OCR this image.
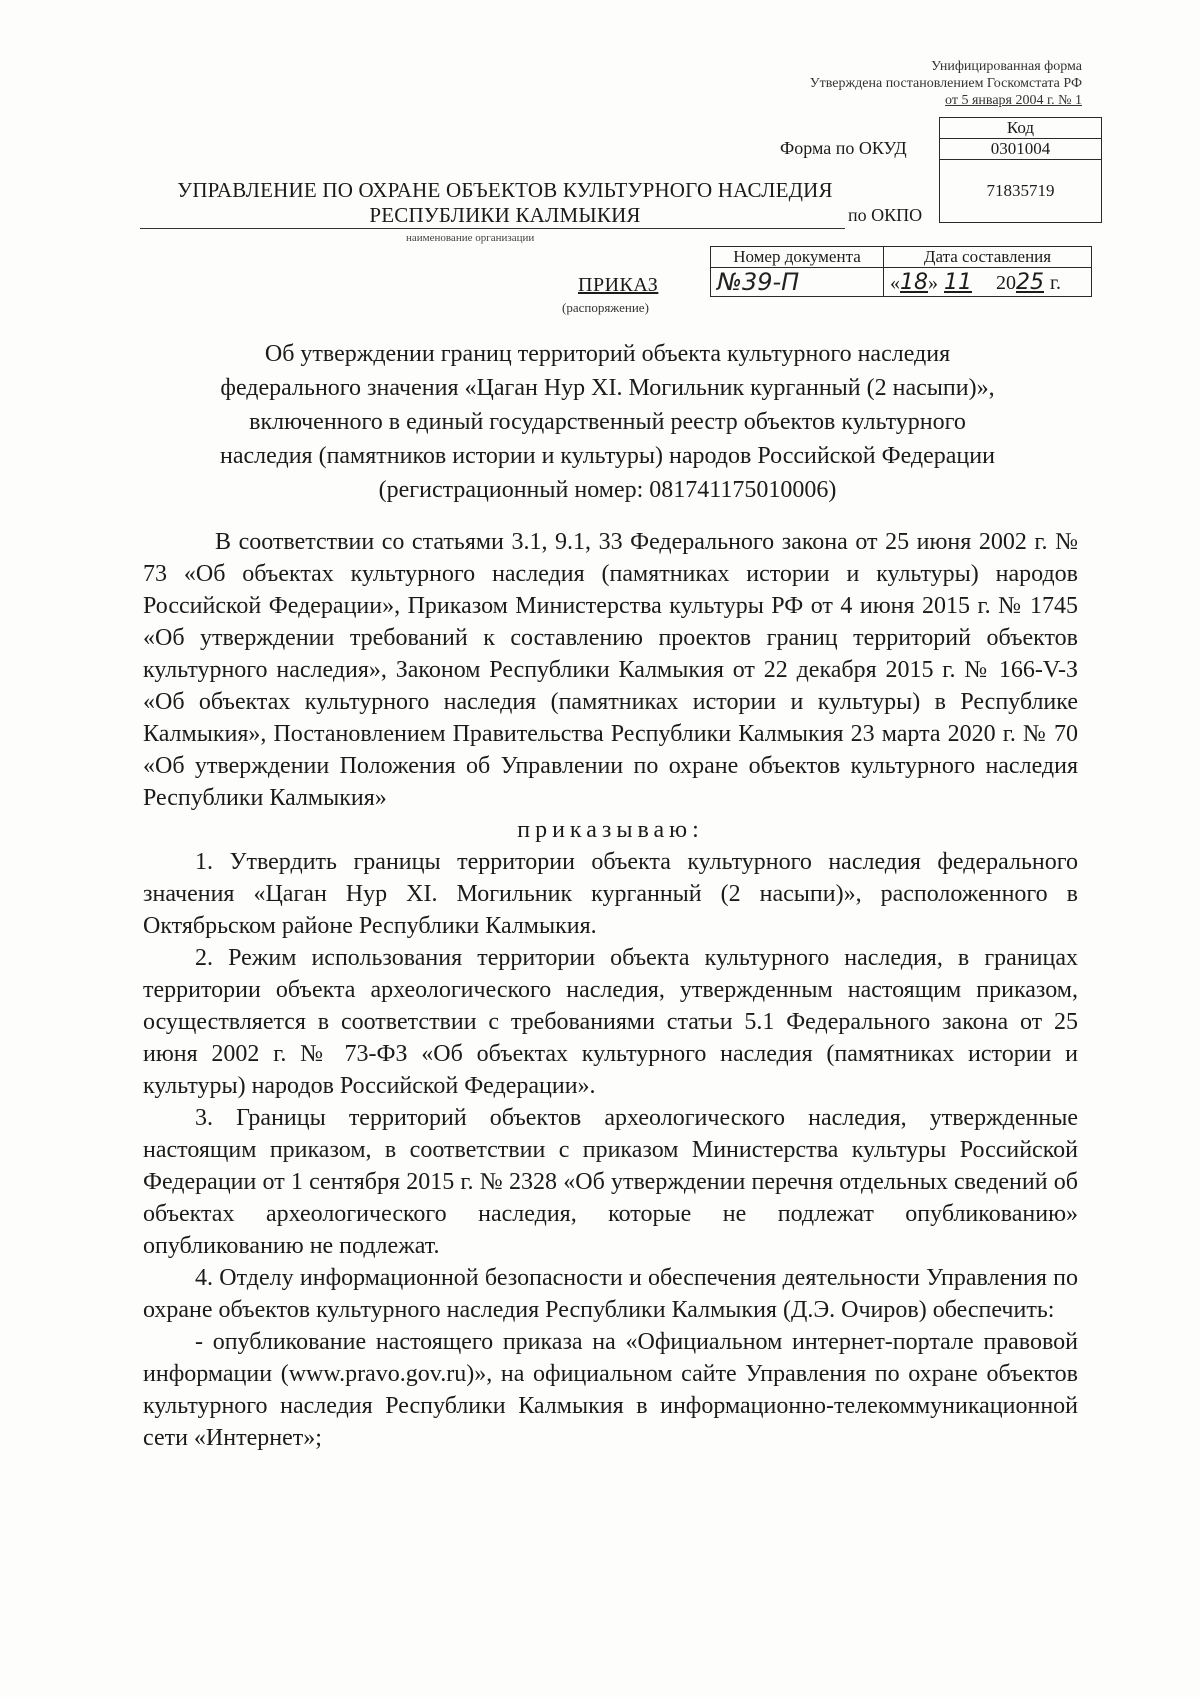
Унифицированная форма
Утверждена постановлением Госкомстата РФ
от 5 января 2004 г. № 1
Код
0301004
71835719
Форма по ОКУД
по ОКПО
УПРАВЛЕНИЕ ПО ОХРАНЕ ОБЪЕКТОВ КУЛЬТУРНОГО НАСЛЕДИЯ
РЕСПУБЛИКИ КАЛМЫКИЯ
наименование организации
Номер документа	Дата составления
№39-П	«18» 11 2025 г.
ПРИКАЗ
(распоряжение)
Об утверждении границ территорий объекта культурного наследия
федерального значения «Цаган Нур XI. Могильник курганный (2 насыпи)»,
включенного в единый государственный реестр объектов культурного
наследия (памятников истории и культуры) народов Российской Федерации
(регистрационный номер: 081741175010006)

В соответствии со статьями 3.1, 9.1, 33 Федерального закона от 25 июня 2002 г. № 73 «Об объектах культурного наследия (памятниках истории и культуры) народов Российской Федерации», Приказом Министерства культуры РФ от 4 июня 2015 г. № 1745 «Об утверждении требований к составлению проектов границ территорий объектов культурного наследия», Законом Республики Калмыкия от 22 декабря 2015 г. № 166-V-З «Об объектах культурного наследия (памятниках истории и культуры) в Республике Калмыкия», Постановлением Правительства Республики Калмыкия 23 марта 2020 г. № 70 «Об утверждении Положения об Управлении по охране объектов культурного наследия Республики Калмыкия»

приказываю:

1. Утвердить границы территории объекта культурного наследия федерального значения «Цаган Нур XI. Могильник курганный (2 насыпи)», расположенного в Октябрьском районе Республики Калмыкия.

2. Режим использования территории объекта культурного наследия, в границах территории объекта археологического наследия, утвержденным настоящим приказом, осуществляется в соответствии с требованиями статьи 5.1 Федерального закона от 25 июня 2002 г. № 73-ФЗ «Об объектах культурного наследия (памятниках истории и культуры) народов Российской Федерации».

3. Границы территорий объектов археологического наследия, утвержденные настоящим приказом, в соответствии с приказом Министерства культуры Российской Федерации от 1 сентября 2015 г. № 2328 «Об утверждении перечня отдельных сведений об объектах археологического наследия, которые не подлежат опубликованию» опубликованию не подлежат.

4. Отделу информационной безопасности и обеспечения деятельности Управления по охране объектов культурного наследия Республики Калмыкия (Д.Э. Очиров) обеспечить:

- опубликование настоящего приказа на «Официальном интернет-портале правовой информации (www.pravo.gov.ru)», на официальном сайте Управления по охране объектов культурного наследия Республики Калмыкия в информационно-телекоммуникационной сети «Интернет»;
